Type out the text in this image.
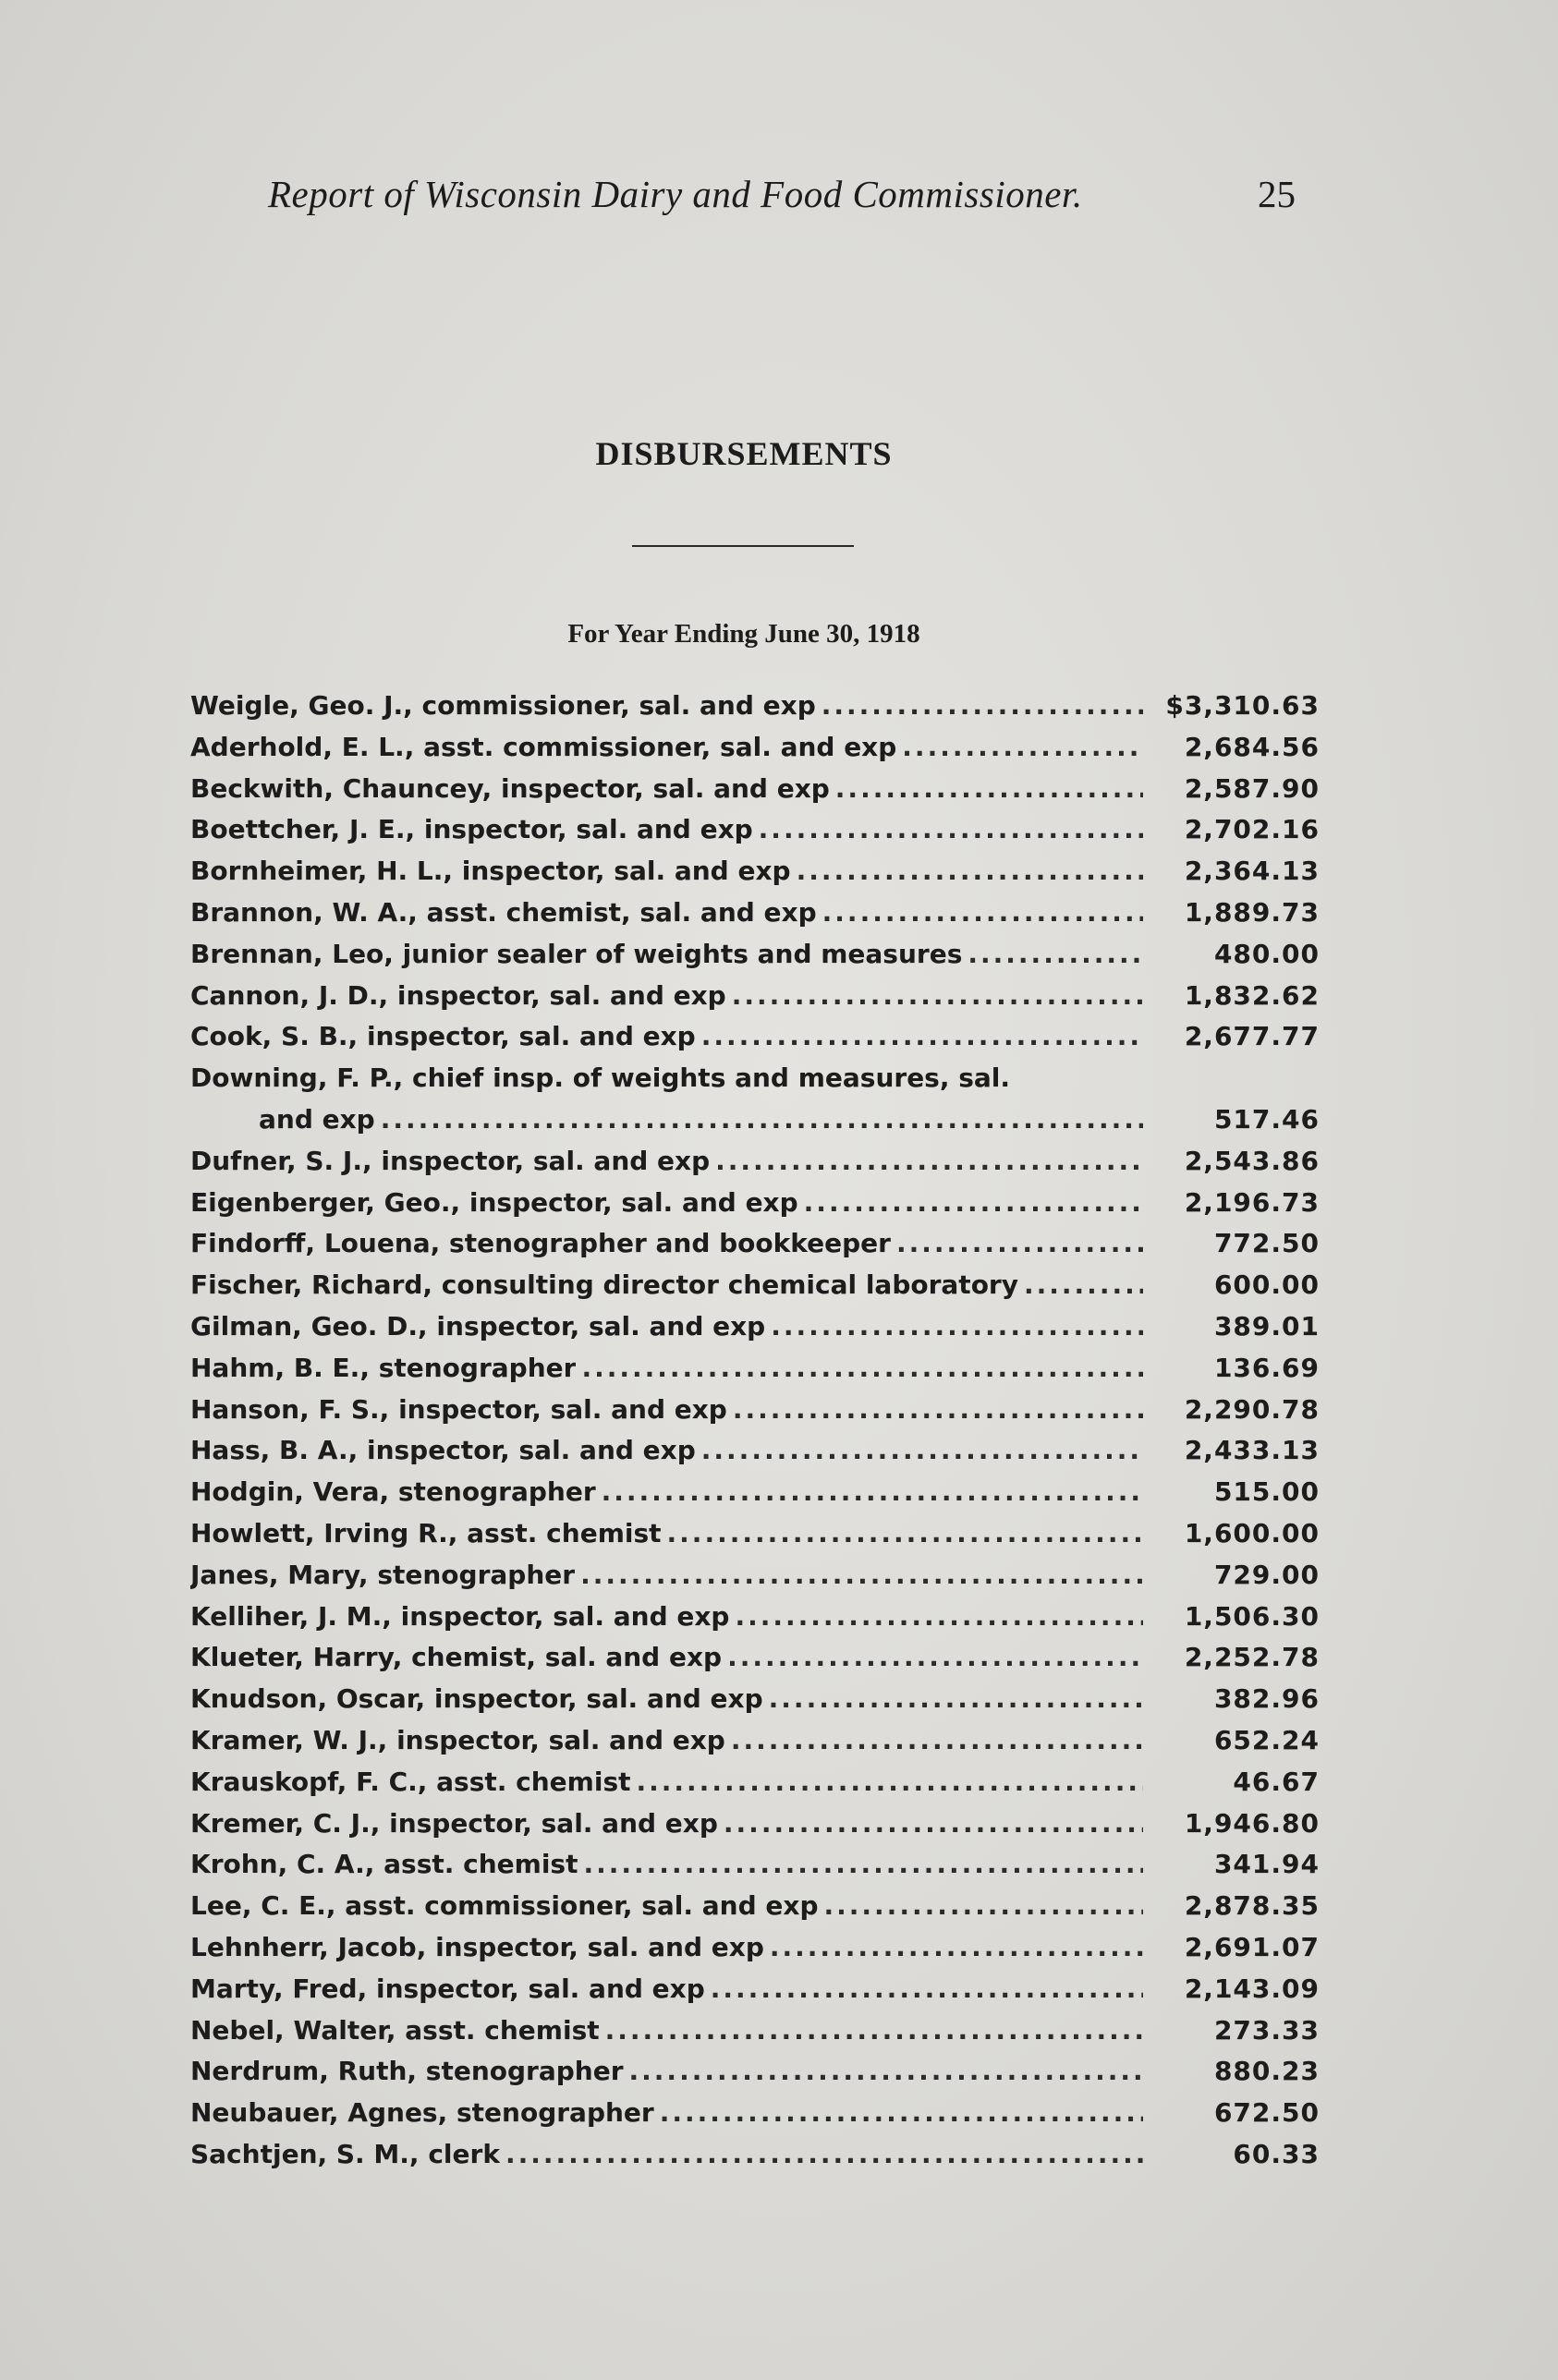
Report of Wisconsin Dairy and Food Commissioner.	25
DISBURSEMENTS
For Year Ending June 30, 1918
Weigle, Geo. J., commissioner, sal. and exp .....	$3,310.63
Aderhold, E. L., asst. commissioner, sal. and exp .....	2,684.56
Beckwith, Chauncey, inspector, sal. and exp .....	2,587.90
Boettcher, J. E., inspector, sal. and exp .....	2,702.16
Bornheimer, H. L., inspector, sal. and exp .....	2,364.13
Brannon, W. A., asst. chemist, sal. and exp .....	1,889.73
Brennan, Leo, junior sealer of weights and measures .....	480.00
Cannon, J. D., inspector, sal. and exp .....	1,832.62
Cook, S. B., inspector, sal. and exp .....	2,677.77
Downing, F. P., chief insp. of weights and measures, sal.
and exp .....	517.46
Dufner, S. J., inspector, sal. and exp .....	2,543.86
Eigenberger, Geo., inspector, sal. and exp .....	2,196.73
Findorff, Louena, stenographer and bookkeeper .....	772.50
Fischer, Richard, consulting director chemical laboratory .....	600.00
Gilman, Geo. D., inspector, sal. and exp .....	389.01
Hahm, B. E., stenographer .....	136.69
Hanson, F. S., inspector, sal. and exp .....	2,290.78
Hass, B. A., inspector, sal. and exp .....	2,433.13
Hodgin, Vera, stenographer .....	515.00
Howlett, Irving R., asst. chemist .....	1,600.00
Janes, Mary, stenographer .....	729.00
Kelliher, J. M., inspector, sal. and exp .....	1,506.30
Klueter, Harry, chemist, sal. and exp .....	2,252.78
Knudson, Oscar, inspector, sal. and exp .....	382.96
Kramer, W. J., inspector, sal. and exp .....	652.24
Krauskopf, F. C., asst. chemist .....	46.67
Kremer, C. J., inspector, sal. and exp .....	1,946.80
Krohn, C. A., asst. chemist .....	341.94
Lee, C. E., asst. commissioner, sal. and exp .....	2,878.35
Lehnherr, Jacob, inspector, sal. and exp .....	2,691.07
Marty, Fred, inspector, sal. and exp .....	2,143.09
Nebel, Walter, asst. chemist .....	273.33
Nerdrum, Ruth, stenographer .....	880.23
Neubauer, Agnes, stenographer .....	672.50
Sachtjen, S. M., clerk .....	60.33
